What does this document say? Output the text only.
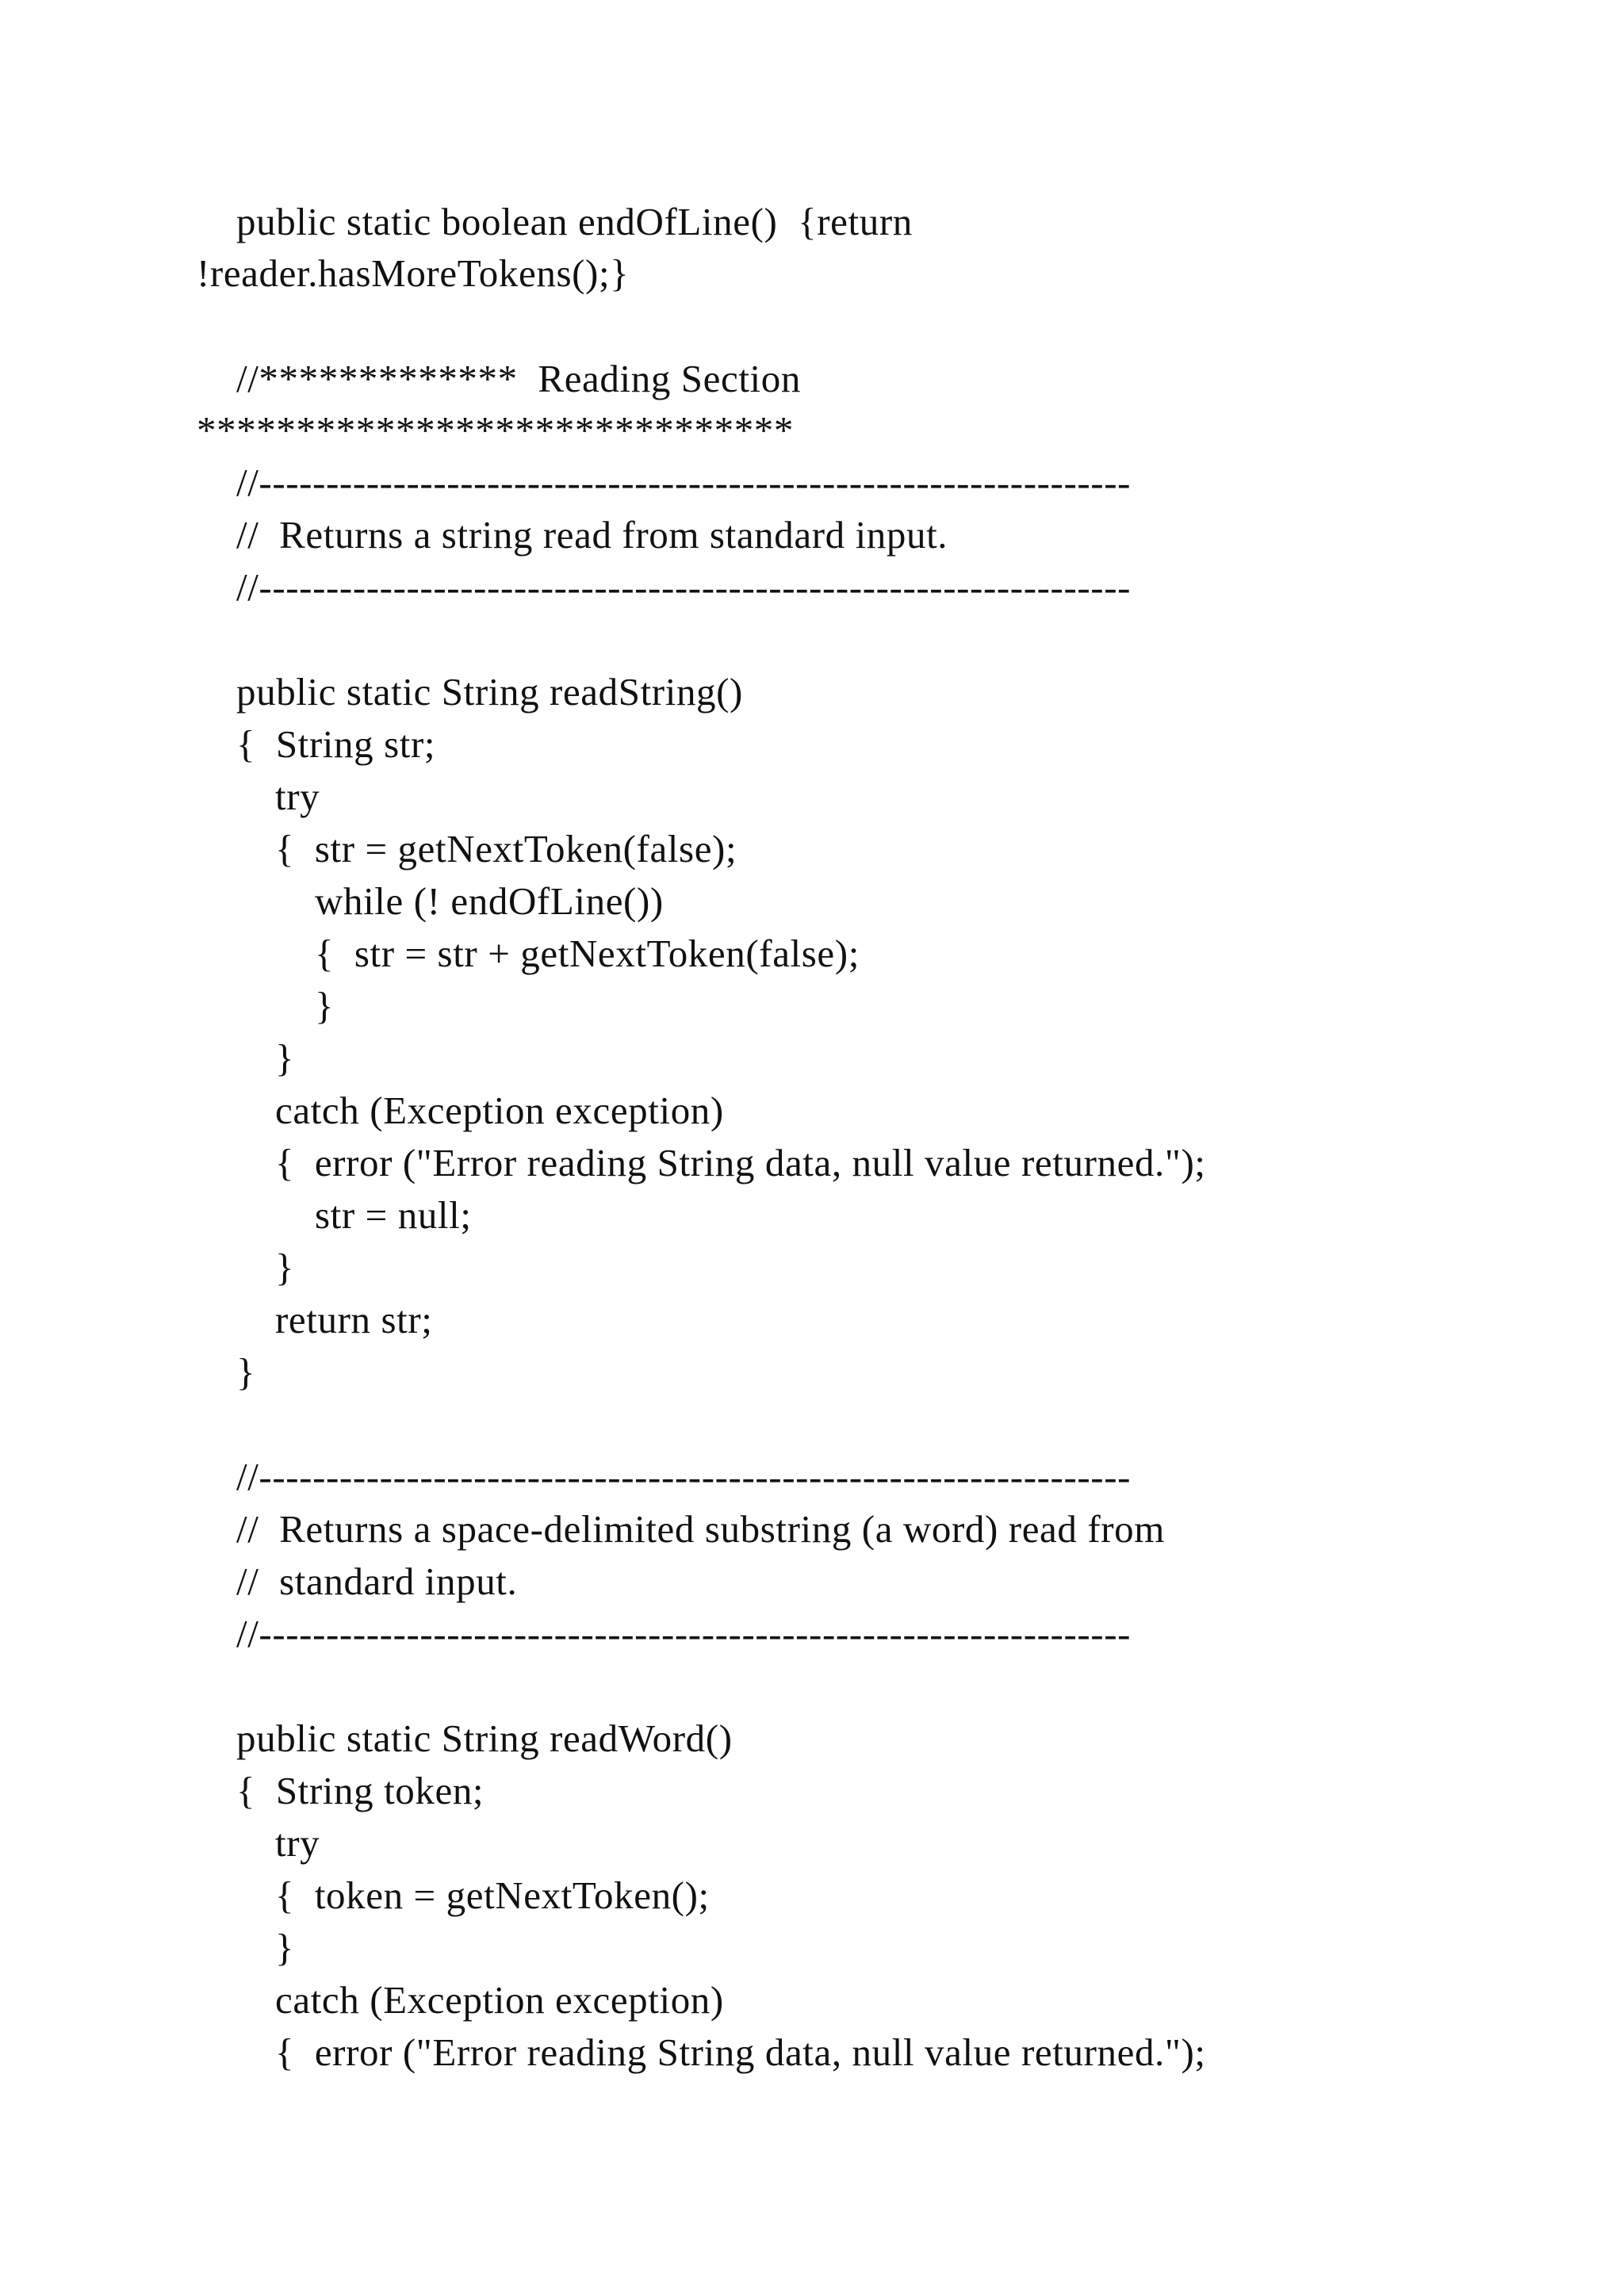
public static boolean endOfLine()  {return
!reader.hasMoreTokens();}
//*************  Reading Section
******************************
//-----------------------------------------------------------------
//  Returns a string read from standard input.
//-----------------------------------------------------------------
public static String readString()
{  String str;
try
{  str = getNextToken(false);
while (! endOfLine())
{  str = str + getNextToken(false);
}
}
catch (Exception exception)
{  error ("Error reading String data, null value returned.");
str = null;
}
return str;
}
//-----------------------------------------------------------------
//  Returns a space-delimited substring (a word) read from
//  standard input.
//-----------------------------------------------------------------
public static String readWord()
{  String token;
try
{  token = getNextToken();
}
catch (Exception exception)
{  error ("Error reading String data, null value returned.");
